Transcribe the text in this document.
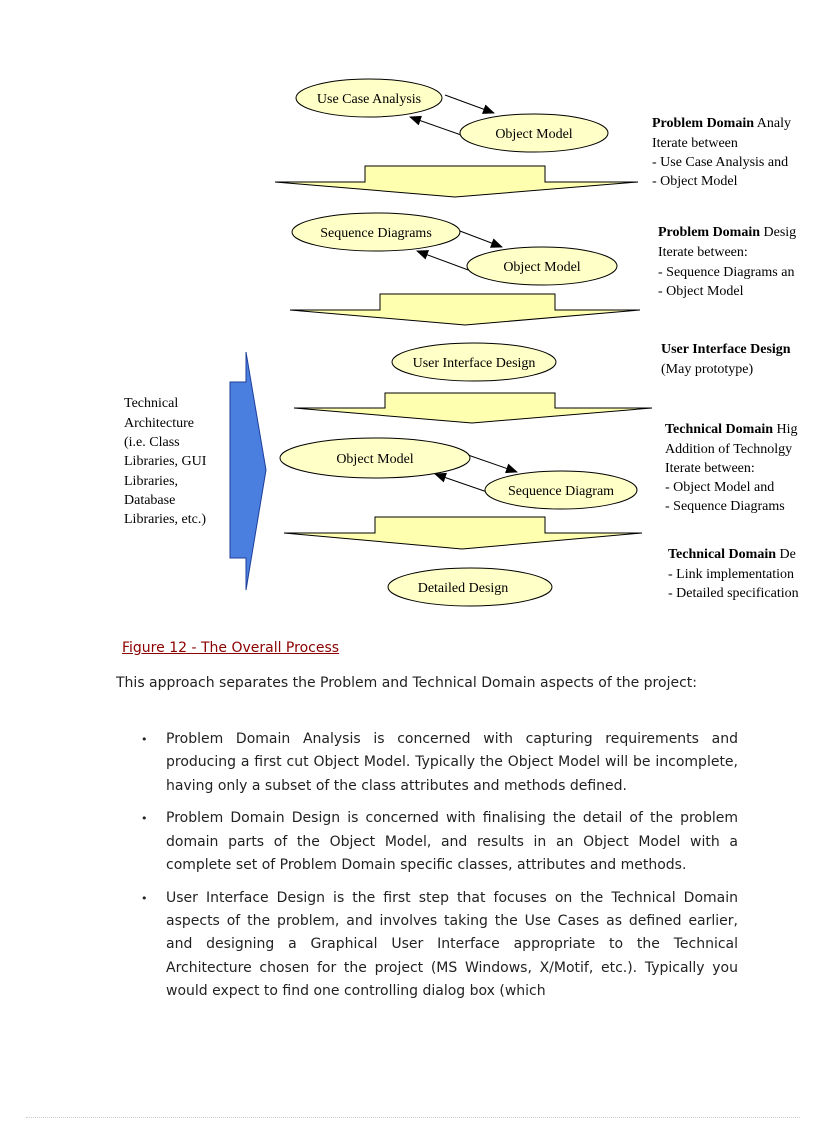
Technical Architecture (i.e. Class Libraries, GUI Libraries, Database Libraries, etc.)
Use Case Analysis
Object Model
Sequence Diagrams
Object Model
User Interface Design
Object Model
Sequence Diagram
Detailed Design
Problem Domain Analy Iterate between - Use Case Analysis and - Object Model
Problem Domain Desig Iterate between: - Sequence Diagrams an - Object Model
User Interface Design (May prototype)
Technical Domain Hig Addition of Technolgy Iterate between: - Object Model and - Sequence Diagrams
Technical Domain De - Link implementation - Detailed specification
Figure 12 - The Overall Process

This approach separates the Problem and Technical Domain aspects of the project:

• Problem Domain Analysis is concerned with capturing requirements and producing a first cut Object Model. Typically the Object Model will be incomplete, having only a subset of the class attributes and methods defined.
• Problem Domain Design is concerned with finalising the detail of the problem domain parts of the Object Model, and results in an Object Model with a complete set of Problem Domain specific classes, attributes and methods.
• User Interface Design is the first step that focuses on the Technical Domain aspects of the problem, and involves taking the Use Cases as defined earlier, and designing a Graphical User Interface appropriate to the Technical Architecture chosen for the project (MS Windows, X/Motif, etc.). Typically you would expect to find one controlling dialog box (which
